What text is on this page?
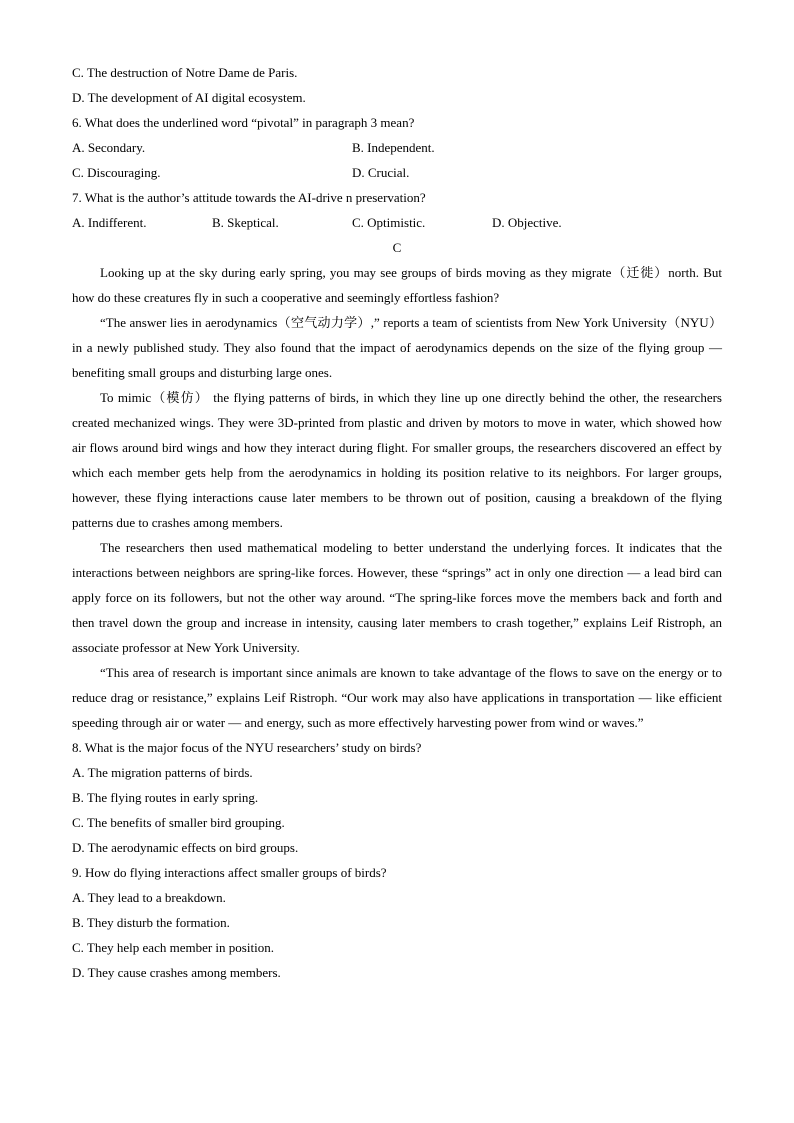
C. The destruction of Notre Dame de Paris.
D. The development of AI digital ecosystem.
6. What does the underlined word “pivotal” in paragraph 3 mean?
A. Secondary.	B. Independent.
C. Discouraging.	D. Crucial.
7. What is the author’s attitude towards the AI-drive n preservation?
A. Indifferent.	B. Skeptical.	C. Optimistic.	D. Objective.
C
Looking up at the sky during early spring, you may see groups of birds moving as they migrate（迁徙）north. But how do these creatures fly in such a cooperative and seemingly effortless fashion?
“The answer lies in aerodynamics（空气动力学）,” reports a team of scientists from New York University（NYU） in a newly published study. They also found that the impact of aerodynamics depends on the size of the flying group — benefiting small groups and disturbing large ones.
To mimic（模仿） the flying patterns of birds, in which they line up one directly behind the other, the researchers created mechanized wings. They were 3D-printed from plastic and driven by motors to move in water, which showed how air flows around bird wings and how they interact during flight. For smaller groups, the researchers discovered an effect by which each member gets help from the aerodynamics in holding its position relative to its neighbors. For larger groups, however, these flying interactions cause later members to be thrown out of position, causing a breakdown of the flying patterns due to crashes among members.
The researchers then used mathematical modeling to better understand the underlying forces. It indicates that the interactions between neighbors are spring-like forces. However, these “springs” act in only one direction — a lead bird can apply force on its followers, but not the other way around. “The spring-like forces move the members back and forth and then travel down the group and increase in intensity, causing later members to crash together,” explains Leif Ristroph, an associate professor at New York University.
“This area of research is important since animals are known to take advantage of the flows to save on the energy or to reduce drag or resistance,” explains Leif Ristroph. “Our work may also have applications in transportation — like efficient speeding through air or water — and energy, such as more effectively harvesting power from wind or waves.”
8. What is the major focus of the NYU researchers’ study on birds?
A. The migration patterns of birds.
B. The flying routes in early spring.
C. The benefits of smaller bird grouping.
D. The aerodynamic effects on bird groups.
9. How do flying interactions affect smaller groups of birds?
A. They lead to a breakdown.
B. They disturb the formation.
C. They help each member in position.
D. They cause crashes among members.
